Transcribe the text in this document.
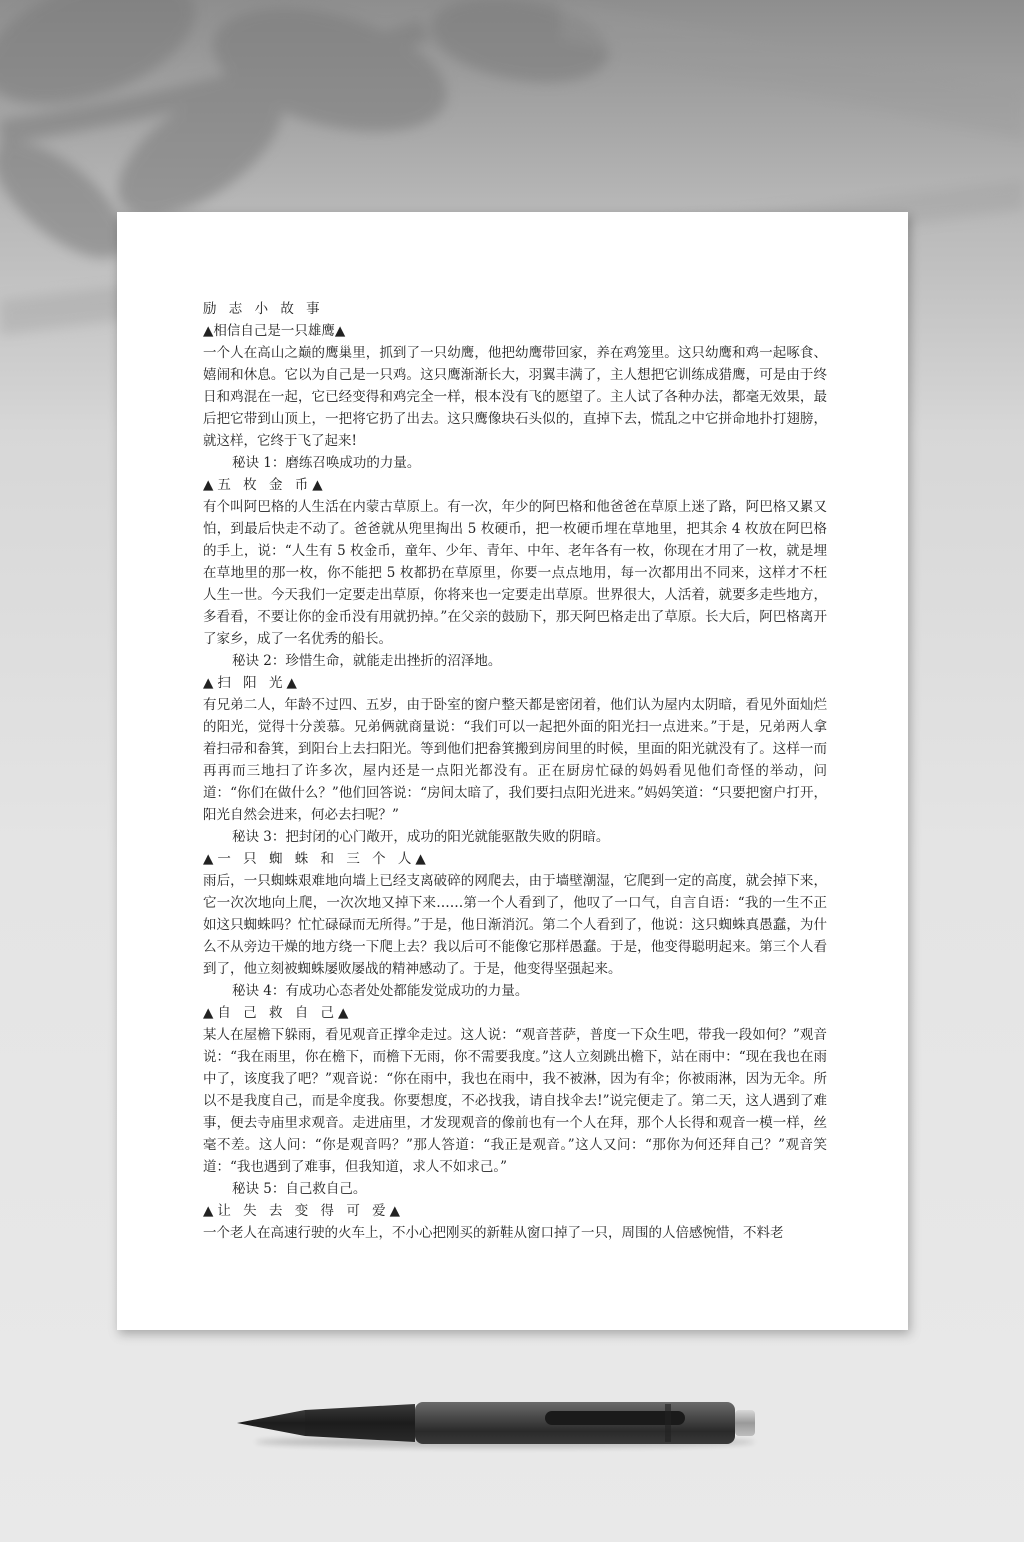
励 志 小 故 事
▲相信自己是一只雄鹰▲

一个人在高山之巅的鹰巢里，抓到了一只幼鹰，他把幼鹰带回家，养在鸡笼里。这只幼鹰和鸡一起啄食、嬉闹和休息。它以为自己是一只鸡。这只鹰渐渐长大，羽翼丰满了，主人想把它训练成猎鹰，可是由于终日和鸡混在一起，它已经变得和鸡完全一样，根本没有飞的愿望了。主人试了各种办法，都毫无效果，最后把它带到山顶上，一把将它扔了出去。这只鹰像块石头似的，直掉下去，慌乱之中它拼命地扑打翅膀，就这样，它终于飞了起来!

秘诀 1：磨练召唤成功的力量。

▲五 枚 金 币▲

有个叫阿巴格的人生活在内蒙古草原上。有一次，年少的阿巴格和他爸爸在草原上迷了路，阿巴格又累又怕，到最后快走不动了。爸爸就从兜里掏出 5 枚硬币，把一枚硬币埋在草地里，把其余 4 枚放在阿巴格的手上，说：“人生有 5 枚金币，童年、少年、青年、中年、老年各有一枚，你现在才用了一枚，就是埋在草地里的那一枚，你不能把 5 枚都扔在草原里，你要一点点地用，每一次都用出不同来，这样才不枉人生一世。今天我们一定要走出草原，你将来也一定要走出草原。世界很大，人活着，就要多走些地方，多看看，不要让你的金币没有用就扔掉。”在父亲的鼓励下，那天阿巴格走出了草原。长大后，阿巴格离开了家乡，成了一名优秀的船长。

秘诀 2：珍惜生命，就能走出挫折的沼泽地。

▲扫 阳 光▲

有兄弟二人，年龄不过四、五岁，由于卧室的窗户整天都是密闭着，他们认为屋内太阴暗，看见外面灿烂的阳光，觉得十分羡慕。兄弟俩就商量说：“我们可以一起把外面的阳光扫一点进来。”于是，兄弟两人拿着扫帚和畚箕，到阳台上去扫阳光。等到他们把畚箕搬到房间里的时候，里面的阳光就没有了。这样一而再再而三地扫了许多次，屋内还是一点阳光都没有。正在厨房忙碌的妈妈看见他们奇怪的举动，问道：“你们在做什么？”他们回答说：“房间太暗了，我们要扫点阳光进来。”妈妈笑道：“只要把窗户打开，阳光自然会进来，何必去扫呢？”

秘诀 3：把封闭的心门敞开，成功的阳光就能驱散失败的阴暗。

▲一 只 蜘 蛛 和 三 个 人▲

雨后，一只蜘蛛艰难地向墙上已经支离破碎的网爬去，由于墙壁潮湿，它爬到一定的高度，就会掉下来，它一次次地向上爬，一次次地又掉下来……第一个人看到了，他叹了一口气，自言自语：“我的一生不正如这只蜘蛛吗？忙忙碌碌而无所得。”于是，他日渐消沉。第二个人看到了，他说：这只蜘蛛真愚蠢，为什么不从旁边干燥的地方绕一下爬上去？我以后可不能像它那样愚蠢。于是，他变得聪明起来。第三个人看到了，他立刻被蜘蛛屡败屡战的精神感动了。于是，他变得坚强起来。

秘诀 4：有成功心态者处处都能发觉成功的力量。

▲自 己 救 自 己▲

某人在屋檐下躲雨，看见观音正撑伞走过。这人说：“观音菩萨，普度一下众生吧，带我一段如何？”观音说：“我在雨里，你在檐下，而檐下无雨，你不需要我度。”这人立刻跳出檐下，站在雨中：“现在我也在雨中了，该度我了吧？”观音说：“你在雨中，我也在雨中，我不被淋，因为有伞；你被雨淋，因为无伞。所以不是我度自己，而是伞度我。你要想度，不必找我，请自找伞去!”说完便走了。第二天，这人遇到了难事，便去寺庙里求观音。走进庙里，才发现观音的像前也有一个人在拜，那个人长得和观音一模一样，丝毫不差。这人问：“你是观音吗？”那人答道：“我正是观音。”这人又问：“那你为何还拜自己？”观音笑道：“我也遇到了难事，但我知道，求人不如求己。”

秘诀 5：自己救自己。

▲让 失 去 变 得 可 爱▲

一个老人在高速行驶的火车上，不小心把刚买的新鞋从窗口掉了一只，周围的人倍感惋惜，不料老
